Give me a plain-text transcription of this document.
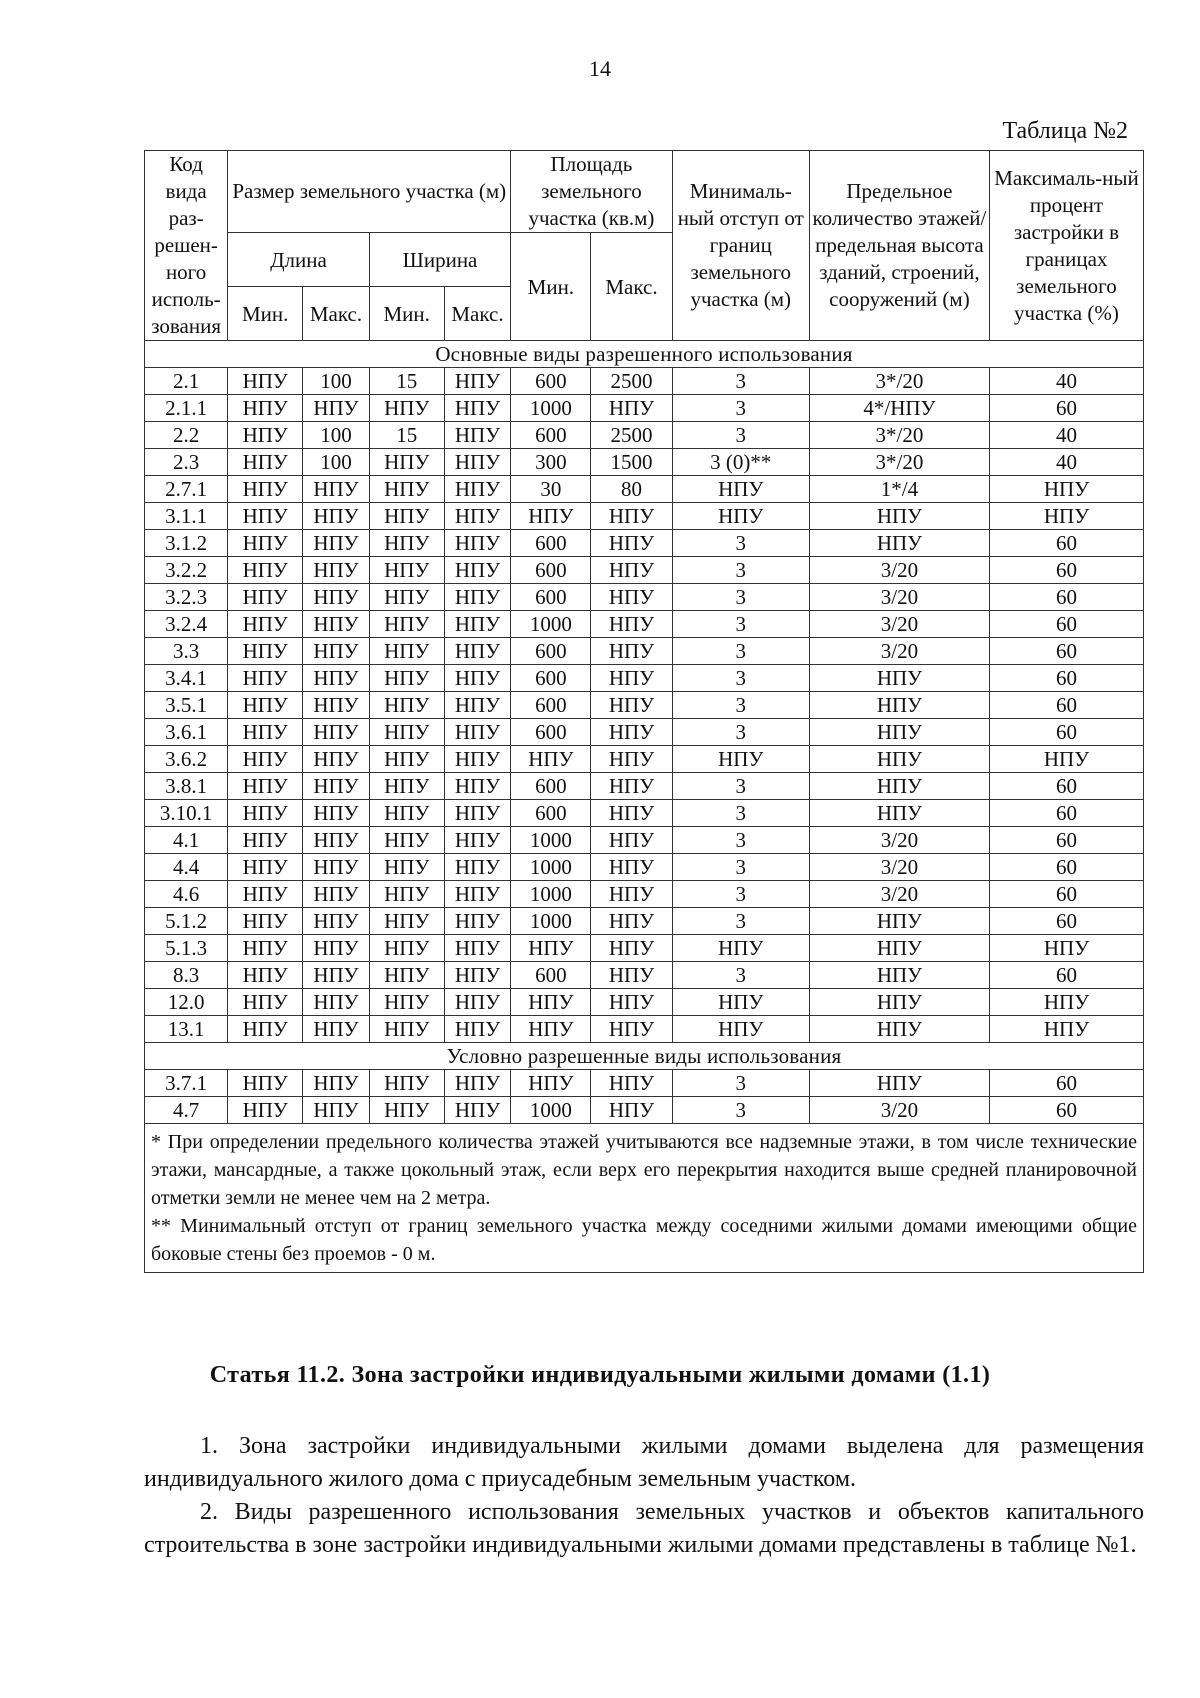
14
Таблица №2
Код вида раз-решен-ного исполь-зования	Размер земельного участка (м)				Площадь земельного участка (кв.м)		Минималь-ный отступ от границ земельного участка (м)	Предельное количество этажей/ предельная высота зданий, строений, сооружений (м)	Максималь-ный процент застройки в границах земельного участка (%)
	Длина		Ширина		Мин.	Макс.			
	Мин.	Макс.	Мин.	Макс.					
Основные виды разрешенного использования									
2.1	НПУ	100	15	НПУ	600	2500	3	3*/20	40
2.1.1	НПУ	НПУ	НПУ	НПУ	1000	НПУ	3	4*/НПУ	60
2.2	НПУ	100	15	НПУ	600	2500	3	3*/20	40
2.3	НПУ	100	НПУ	НПУ	300	1500	3 (0)**	3*/20	40
2.7.1	НПУ	НПУ	НПУ	НПУ	30	80	НПУ	1*/4	НПУ
3.1.1	НПУ	НПУ	НПУ	НПУ	НПУ	НПУ	НПУ	НПУ	НПУ
3.1.2	НПУ	НПУ	НПУ	НПУ	600	НПУ	3	НПУ	60
3.2.2	НПУ	НПУ	НПУ	НПУ	600	НПУ	3	3/20	60
3.2.3	НПУ	НПУ	НПУ	НПУ	600	НПУ	3	3/20	60
3.2.4	НПУ	НПУ	НПУ	НПУ	1000	НПУ	3	3/20	60
3.3	НПУ	НПУ	НПУ	НПУ	600	НПУ	3	3/20	60
3.4.1	НПУ	НПУ	НПУ	НПУ	600	НПУ	3	НПУ	60
3.5.1	НПУ	НПУ	НПУ	НПУ	600	НПУ	3	НПУ	60
3.6.1	НПУ	НПУ	НПУ	НПУ	600	НПУ	3	НПУ	60
3.6.2	НПУ	НПУ	НПУ	НПУ	НПУ	НПУ	НПУ	НПУ	НПУ
3.8.1	НПУ	НПУ	НПУ	НПУ	600	НПУ	3	НПУ	60
3.10.1	НПУ	НПУ	НПУ	НПУ	600	НПУ	3	НПУ	60
4.1	НПУ	НПУ	НПУ	НПУ	1000	НПУ	3	3/20	60
4.4	НПУ	НПУ	НПУ	НПУ	1000	НПУ	3	3/20	60
4.6	НПУ	НПУ	НПУ	НПУ	1000	НПУ	3	3/20	60
5.1.2	НПУ	НПУ	НПУ	НПУ	1000	НПУ	3	НПУ	60
5.1.3	НПУ	НПУ	НПУ	НПУ	НПУ	НПУ	НПУ	НПУ	НПУ
8.3	НПУ	НПУ	НПУ	НПУ	600	НПУ	3	НПУ	60
12.0	НПУ	НПУ	НПУ	НПУ	НПУ	НПУ	НПУ	НПУ	НПУ
13.1	НПУ	НПУ	НПУ	НПУ	НПУ	НПУ	НПУ	НПУ	НПУ
Условно разрешенные виды использования									
3.7.1	НПУ	НПУ	НПУ	НПУ	НПУ	НПУ	3	НПУ	60
4.7	НПУ	НПУ	НПУ	НПУ	1000	НПУ	3	3/20	60

* При определении предельного количества этажей учитываются все надземные этажи, в том числе технические этажи, мансардные, а также цокольный этаж, если верх его перекрытия находится выше средней планировочной отметки земли не менее чем на 2 метра.
** Минимальный отступ от границ земельного участка между соседними жилыми домами имеющими общие боковые стены без проемов - 0 м.									
Статья 11.2. Зона застройки индивидуальными жилыми домами (1.1)
1. Зона застройки индивидуальными жилыми домами выделена для размещения индивидуального жилого дома с приусадебным земельным участком.
2. Виды разрешенного использования земельных участков и объектов капитального строительства в зоне застройки индивидуальными жилыми домами представлены в таблице №1.
